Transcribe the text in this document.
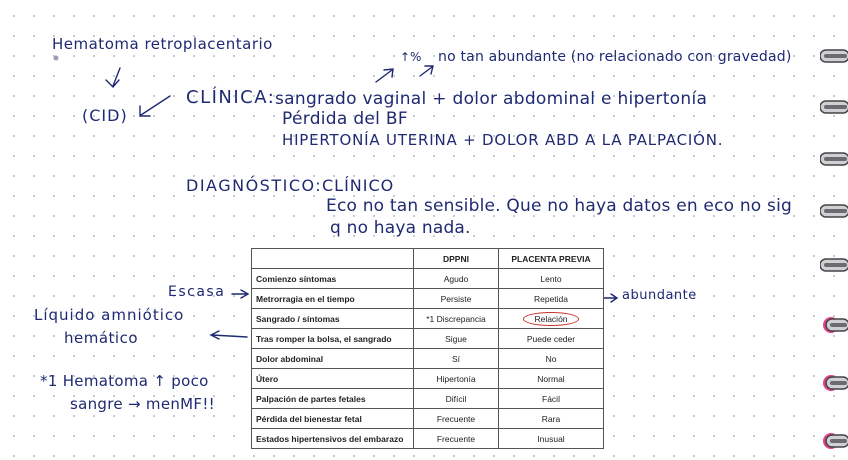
Hematoma retroplacentario
(CID)
CLÍNICA: sangrado vaginal + dolor abdominal e hipertonía
Pérdida del BF
HIPERTONÍA UTERINA + DOLOR ABD A LA PALPACIÓN.
↑% no tan abundante (no relacionado con gravedad)
DIAGNÓSTICO: CLÍNICO
Eco no tan sensible. Que no haya datos en eco no sig
q no haya nada.
Escasa
Líquido amniótico
hemático
*1 Hematoma ↑ poco
sangre → menMF!!
abundante
	DPPNI	PLACENTA PREVIA
Comienzo síntomas	Agudo	Lento
Metrorragia en el tiempo	Persiste	Repetida
Sangrado / síntomas	*1 Discrepancia	Relación
Tras romper la bolsa, el sangrado	Sigue	Puede ceder
Dolor abdominal	Sí	No
Útero	Hipertonía	Normal
Palpación de partes fetales	Difícil	Fácil
Pérdida del bienestar fetal	Frecuente	Rara
Estados hipertensivos del embarazo	Frecuente	Inusual
